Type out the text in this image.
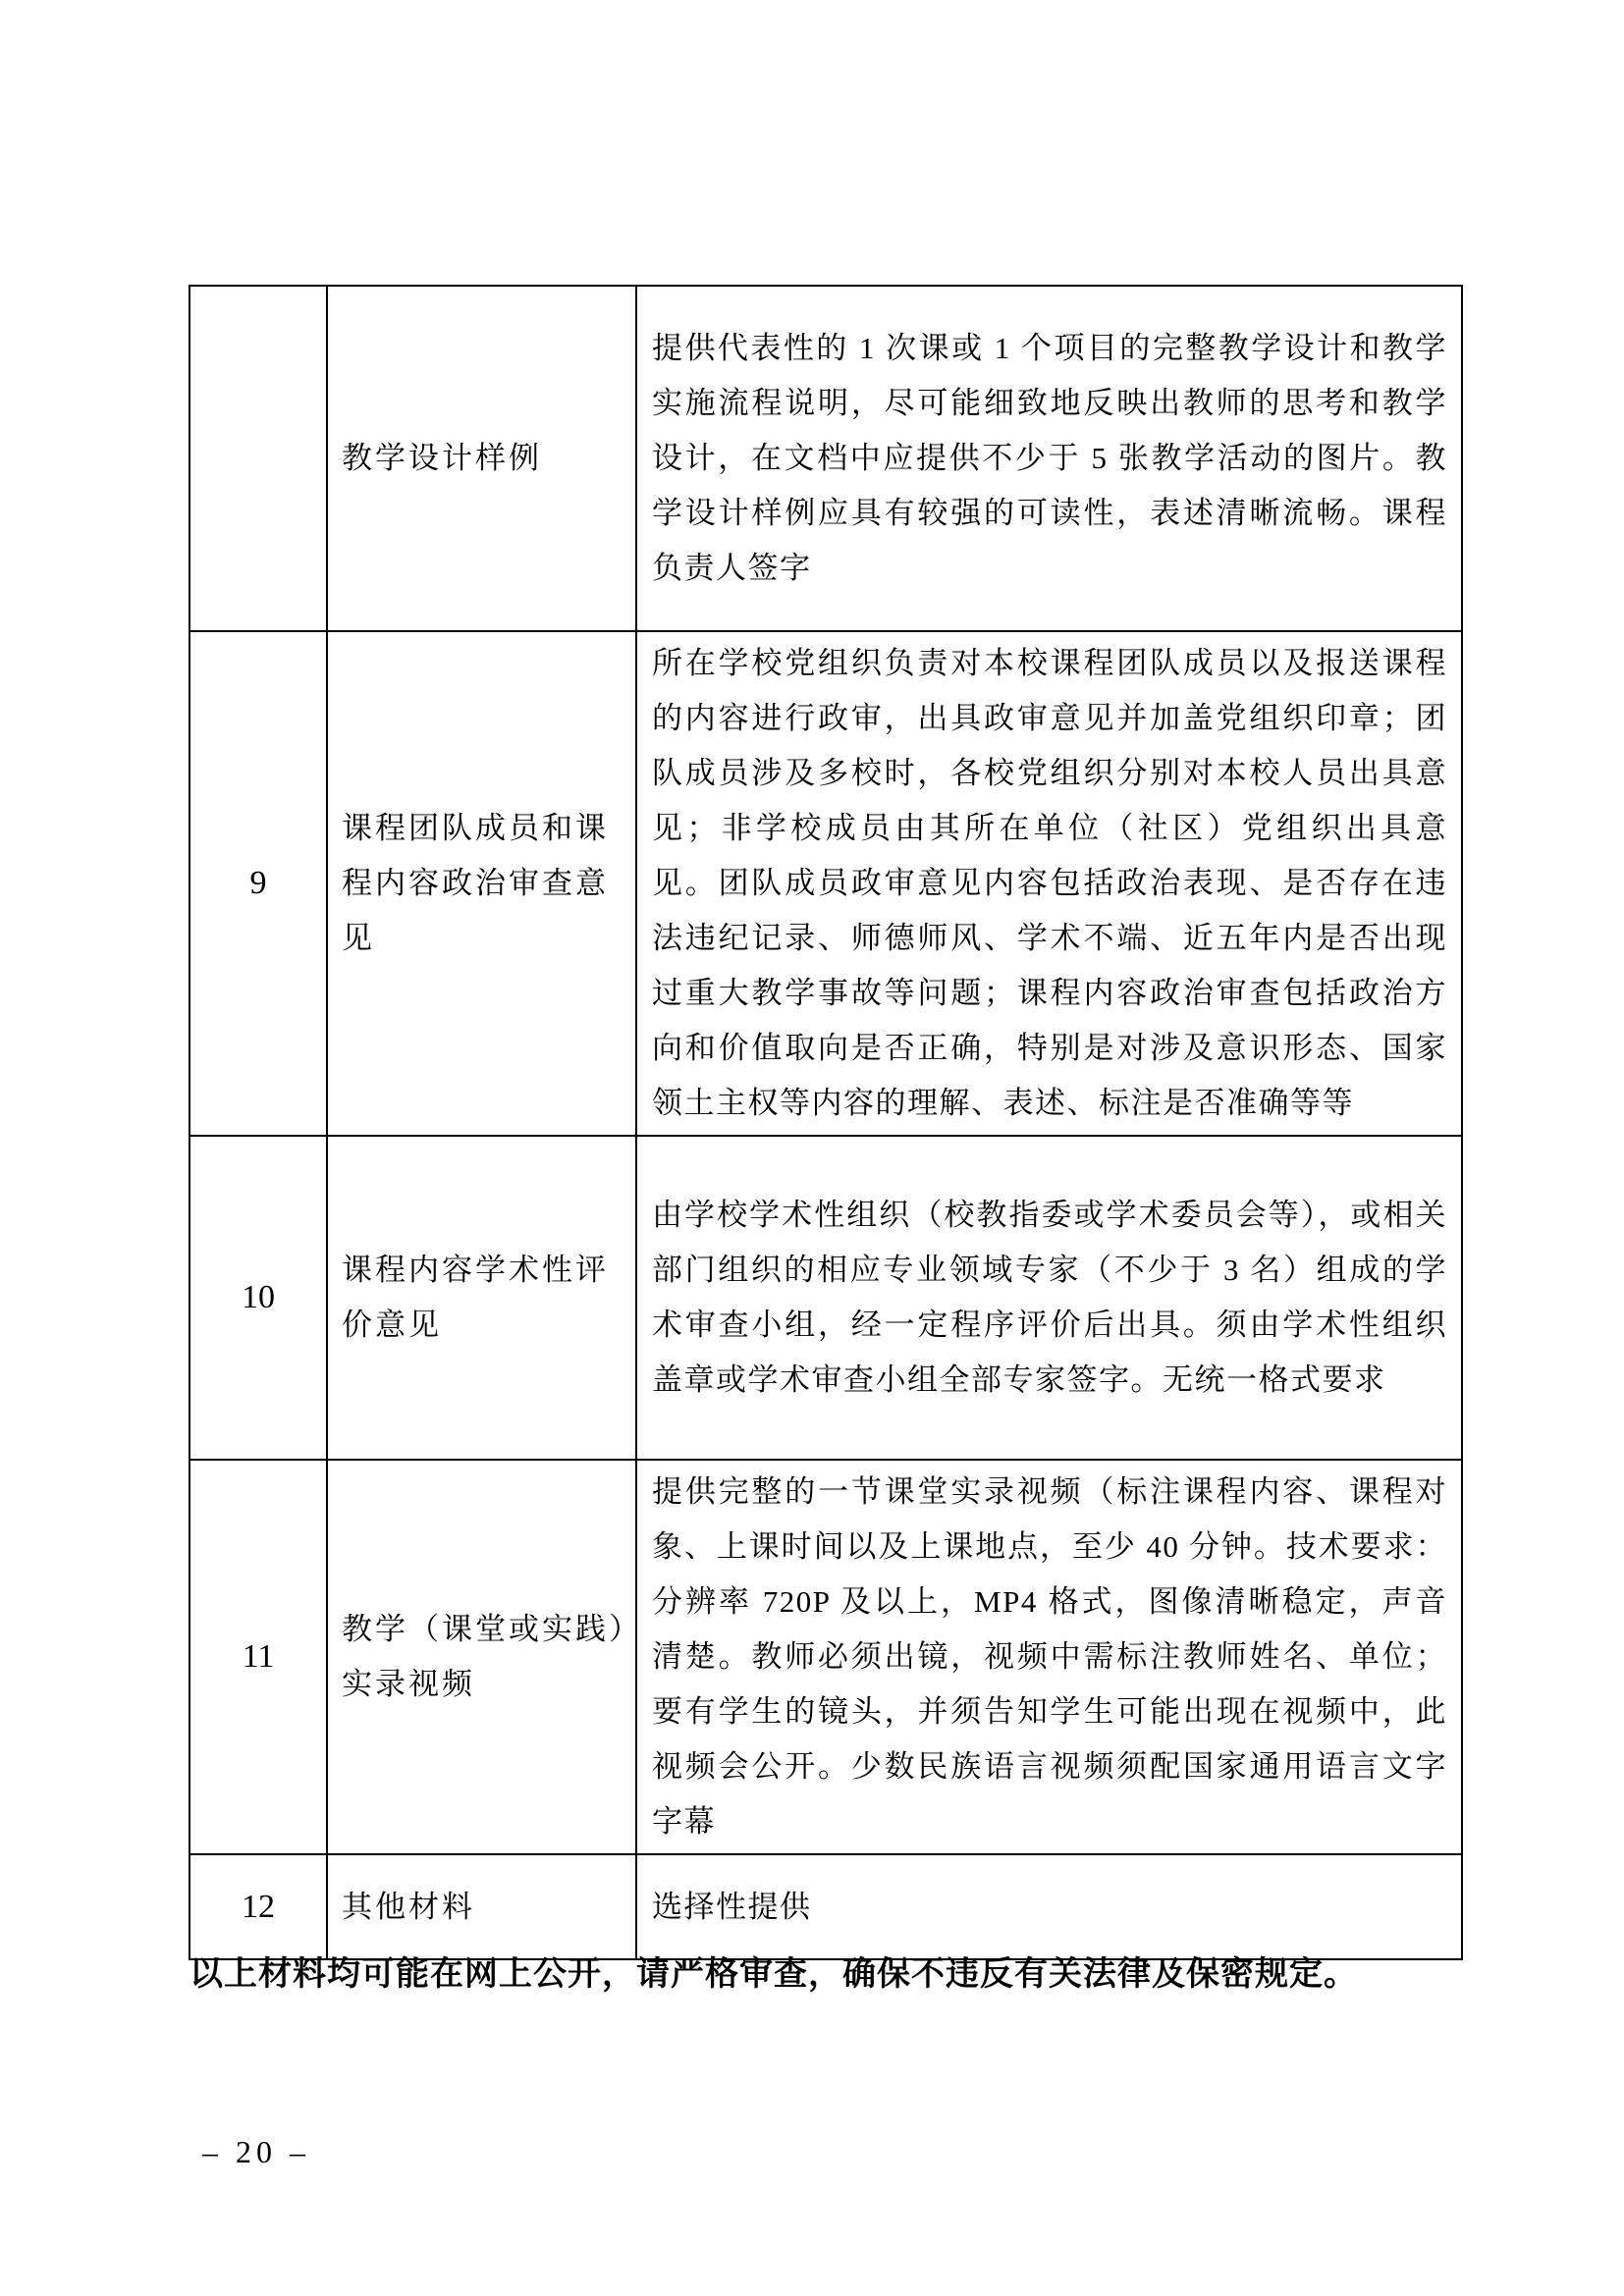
	教学设计样例	提供代表性的 1 次课或 1 个项目的完整教学设计和教学实施流程说明，尽可能细致地反映出教师的思考和教学设计，在文档中应提供不少于 5 张教学活动的图片。教学设计样例应具有较强的可读性，表述清晰流畅。课程负责人签字
9	课程团队成员和课程内容政治审查意见	所在学校党组织负责对本校课程团队成员以及报送课程的内容进行政审，出具政审意见并加盖党组织印章；团队成员涉及多校时，各校党组织分别对本校人员出具意见；非学校成员由其所在单位（社区）党组织出具意见。团队成员政审意见内容包括政治表现、是否存在违法违纪记录、师德师风、学术不端、近五年内是否出现过重大教学事故等问题；课程内容政治审查包括政治方向和价值取向是否正确，特别是对涉及意识形态、国家领土主权等内容的理解、表述、标注是否准确等等
10	课程内容学术性评价意见	由学校学术性组织（校教指委或学术委员会等），或相关部门组织的相应专业领域专家（不少于 3 名）组成的学术审查小组，经一定程序评价后出具。须由学术性组织盖章或学术审查小组全部专家签字。无统一格式要求
11	教学（课堂或实践）实录视频	提供完整的一节课堂实录视频（标注课程内容、课程对象、上课时间以及上课地点，至少 40 分钟。技术要求：分辨率 720P 及以上，MP4 格式，图像清晰稳定，声音清楚。教师必须出镜，视频中需标注教师姓名、单位；要有学生的镜头，并须告知学生可能出现在视频中，此视频会公开。少数民族语言视频须配国家通用语言文字字幕
12	其他材料	选择性提供
以上材料均可能在网上公开，请严格审查，确保不违反有关法律及保密规定。
– 20 –
